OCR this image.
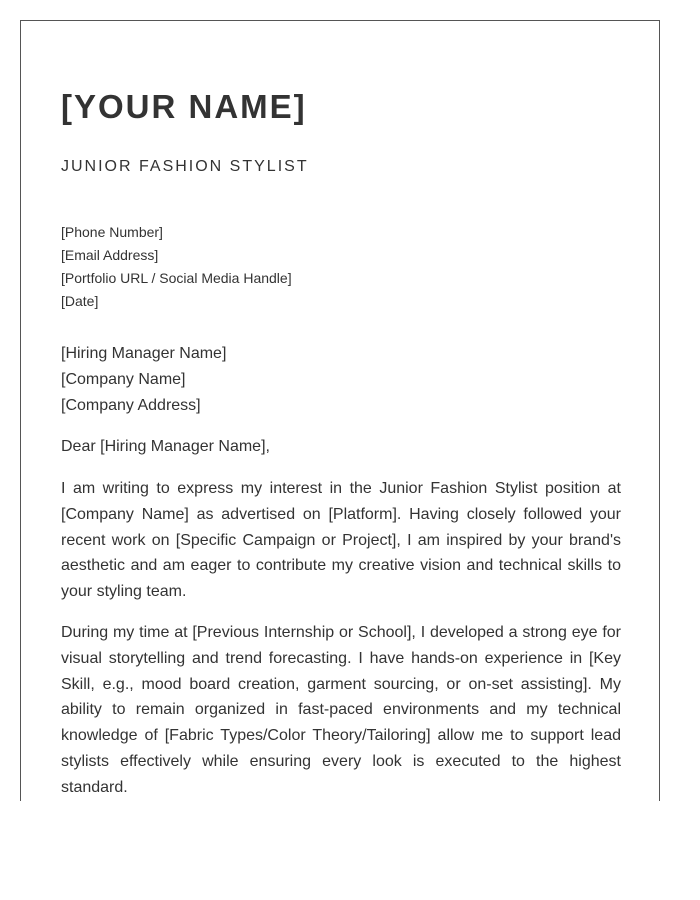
[YOUR NAME]
JUNIOR FASHION STYLIST
[Phone Number]
[Email Address]
[Portfolio URL / Social Media Handle]
[Date]
[Hiring Manager Name]
[Company Name]
[Company Address]

Dear [Hiring Manager Name],

I am writing to express my interest in the Junior Fashion Stylist position at [Company Name] as advertised on [Platform]. Having closely followed your recent work on [Specific Campaign or Project], I am inspired by your brand's aesthetic and am eager to contribute my creative vision and technical skills to your styling team.

During my time at [Previous Internship or School], I developed a strong eye for visual storytelling and trend forecasting. I have hands-on experience in [Key Skill, e.g., mood board creation, garment sourcing, or on-set assisting]. My ability to remain organized in fast-paced environments and my technical knowledge of [Fabric Types/Color Theory/Tailoring] allow me to support lead stylists effectively while ensuring every look is executed to the highest standard.
